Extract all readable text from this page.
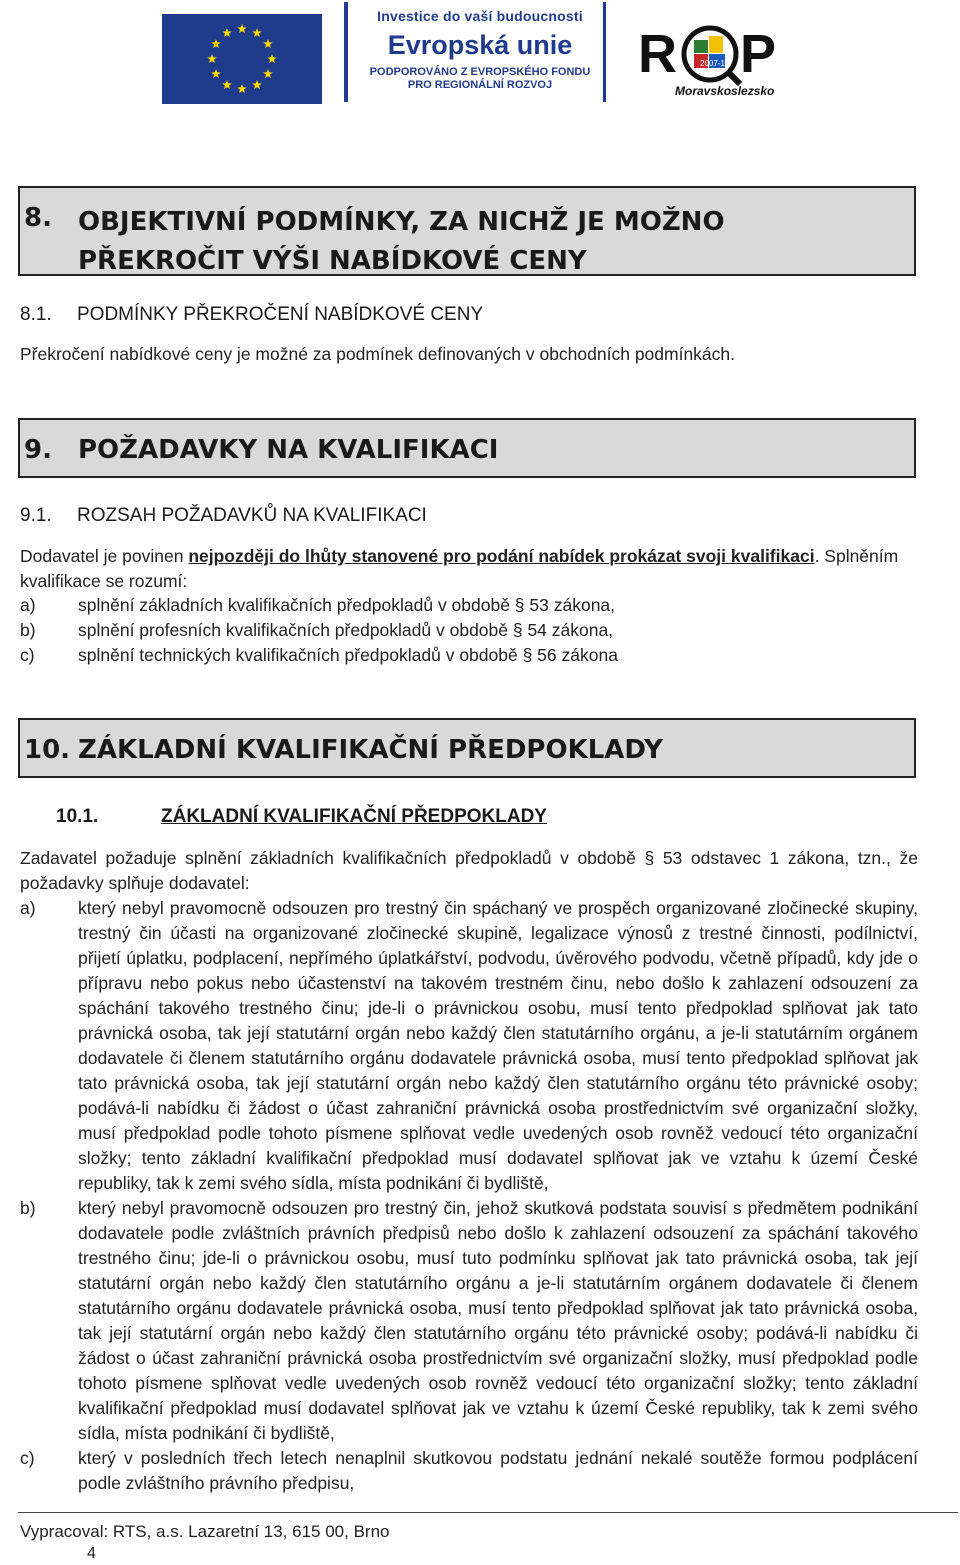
Investice do vaší budoucnosti
Evropská unie
PODPOROVÁNO Z EVROPSKÉHO FONDU
PRO REGIONÁLNÍ ROZVOJ
R P
2007-13
Moravskoslezsko
8. OBJEKTIVNÍ PODMÍNKY, ZA NICHŽ JE MOŽNO PŘEKROČIT VÝŠI NABÍDKOVÉ CENY
8.1. PODMÍNKY PŘEKROČENÍ NABÍDKOVÉ CENY
Překročení nabídkové ceny je možné za podmínek definovaných v obchodních podmínkách.
9. POŽADAVKY NA KVALIFIKACI
9.1. ROZSAH POŽADAVKŮ NA KVALIFIKACI
Dodavatel je povinen nejpozději do lhůty stanovené pro podání nabídek prokázat svoji kvalifikaci. Splněním kvalifikace se rozumí:
a) splnění základních kvalifikačních předpokladů v obdobě § 53 zákona,
b) splnění profesních kvalifikačních předpokladů v obdobě § 54 zákona,
c) splnění technických kvalifikačních předpokladů v obdobě § 56 zákona
10. ZÁKLADNÍ KVALIFIKAČNÍ PŘEDPOKLADY
10.1.	ZÁKLADNÍ KVALIFIKAČNÍ PŘEDPOKLADY
Zadavatel požaduje splnění základních kvalifikačních předpokladů v obdobě § 53 odstavec 1 zákona, tzn., že požadavky splňuje dodavatel:
a) který nebyl pravomocně odsouzen pro trestný čin spáchaný ve prospěch organizované zločinecké skupiny, trestný čin účasti na organizované zločinecké skupině, legalizace výnosů z trestné činnosti, podílnictví, přijetí úplatku, podplacení, nepřímého úplatkářství, podvodu, úvěrového podvodu, včetně případů, kdy jde o přípravu nebo pokus nebo účastenství na takovém trestném činu, nebo došlo k zahlazení odsouzení za spáchání takového trestného činu; jde-li o právnickou osobu, musí tento předpoklad splňovat jak tato právnická osoba, tak její statutární orgán nebo každý člen statutárního orgánu, a je-li statutárním orgánem dodavatele či členem statutárního orgánu dodavatele právnická osoba, musí tento předpoklad splňovat jak tato právnická osoba, tak její statutární orgán nebo každý člen statutárního orgánu této právnické osoby; podává-li nabídku či žádost o účast zahraniční právnická osoba prostřednictvím své organizační složky, musí předpoklad podle tohoto písmene splňovat vedle uvedených osob rovněž vedoucí této organizační složky; tento základní kvalifikační předpoklad musí dodavatel splňovat jak ve vztahu k území České republiky, tak k zemi svého sídla, místa podnikání či bydliště,
b) který nebyl pravomocně odsouzen pro trestný čin, jehož skutková podstata souvisí s předmětem podnikání dodavatele podle zvláštních právních předpisů nebo došlo k zahlazení odsouzení za spáchání takového trestného činu; jde-li o právnickou osobu, musí tuto podmínku splňovat jak tato právnická osoba, tak její statutární orgán nebo každý člen statutárního orgánu a je-li statutárním orgánem dodavatele či členem statutárního orgánu dodavatele právnická osoba, musí tento předpoklad splňovat jak tato právnická osoba, tak její statutární orgán nebo každý člen statutárního orgánu této právnické osoby; podává-li nabídku či žádost o účast zahraniční právnická osoba prostřednictvím své organizační složky, musí předpoklad podle tohoto písmene splňovat vedle uvedených osob rovněž vedoucí této organizační složky; tento základní kvalifikační předpoklad musí dodavatel splňovat jak ve vztahu k území České republiky, tak k zemi svého sídla, místa podnikání či bydliště,
c) který v posledních třech letech nenaplnil skutkovou podstatu jednání nekalé soutěže formou podplácení podle zvláštního právního předpisu,
Vypracoval: RTS, a.s. Lazaretní 13, 615 00, Brno
4
